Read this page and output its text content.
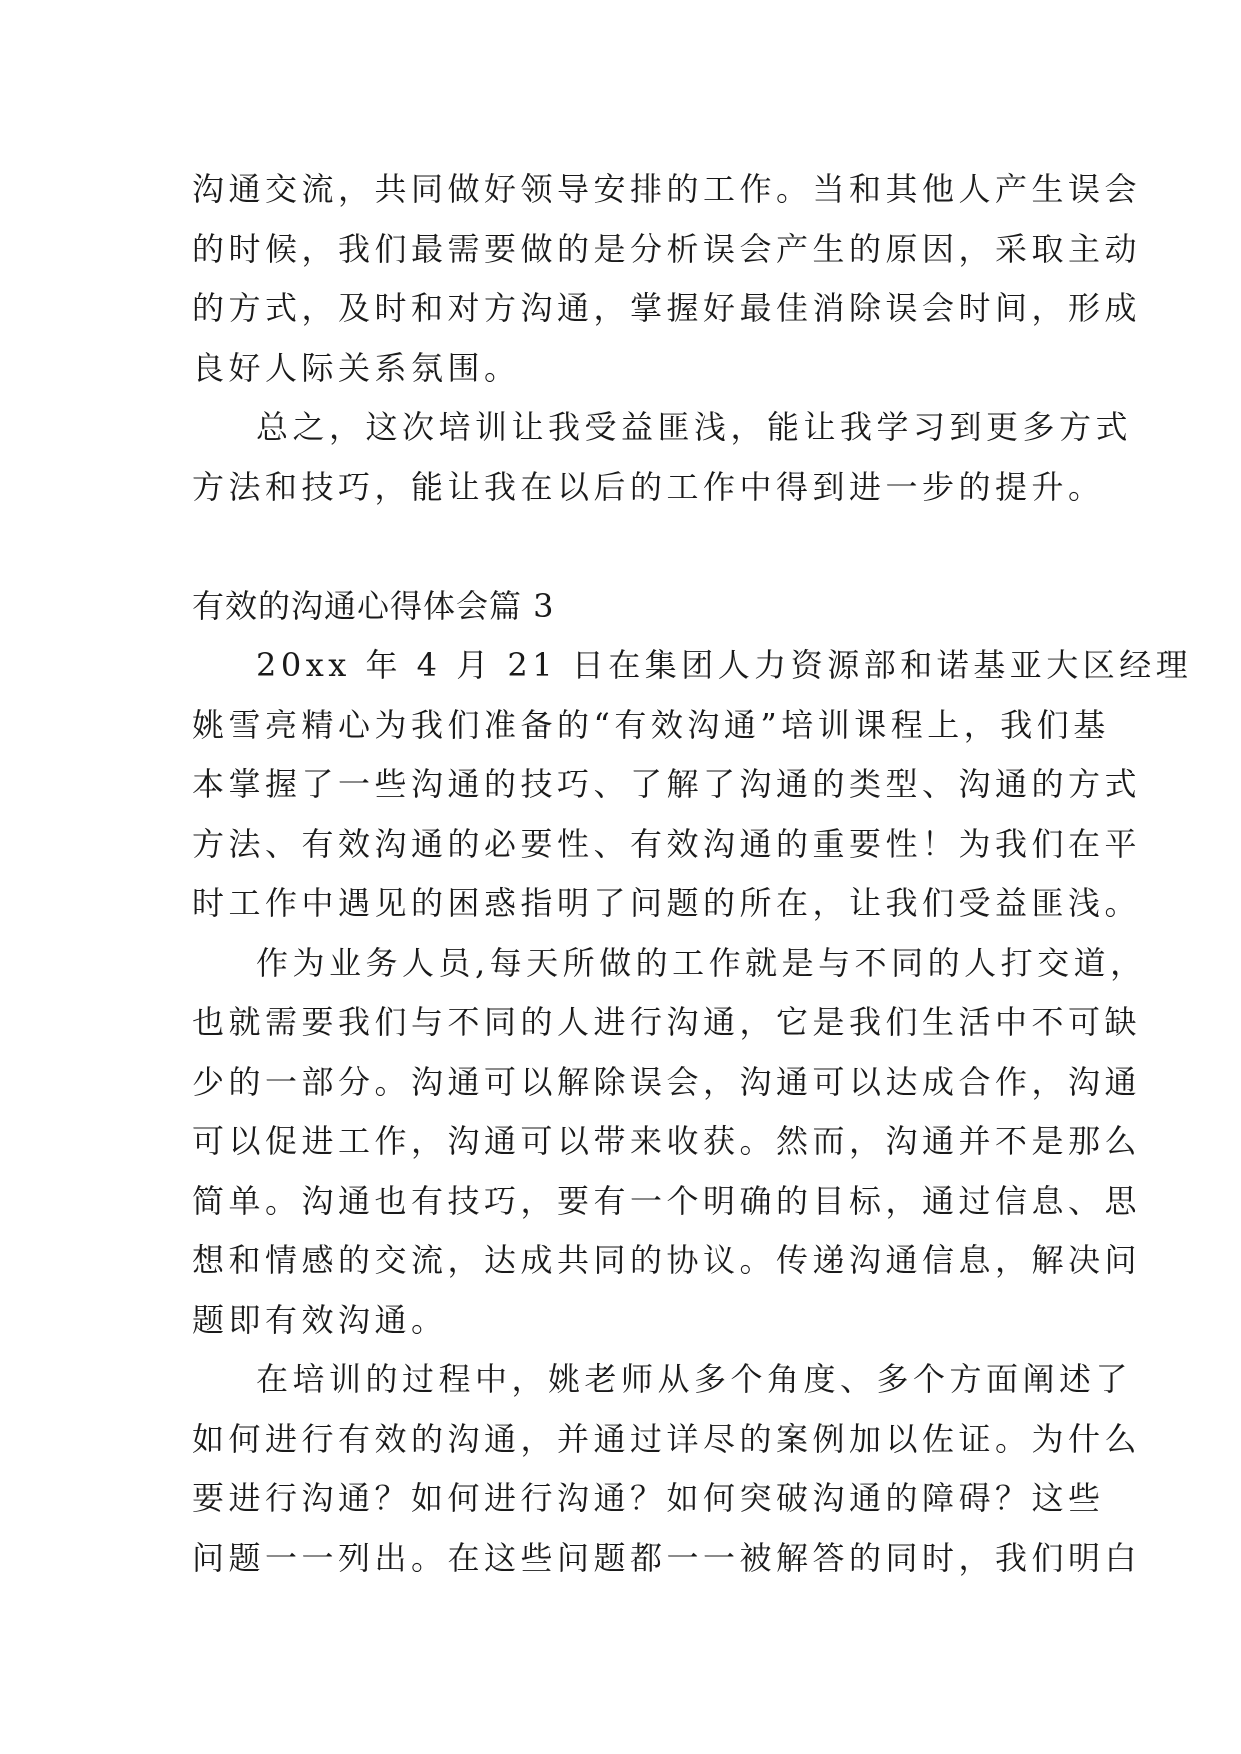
沟通交流，共同做好领导安排的工作。当和其他人产生误会
的时候，我们最需要做的是分析误会产生的原因，采取主动
的方式，及时和对方沟通，掌握好最佳消除误会时间，形成
良好人际关系氛围。
总之，这次培训让我受益匪浅，能让我学习到更多方式
方法和技巧，能让我在以后的工作中得到进一步的提升。
有效的沟通心得体会篇 3
20xx 年 4 月 21 日在集团人力资源部和诺基亚大区经理
姚雪亮精心为我们准备的“有效沟通”培训课程上，我们基
本掌握了一些沟通的技巧、了解了沟通的类型、沟通的方式
方法、有效沟通的必要性、有效沟通的重要性！为我们在平
时工作中遇见的困惑指明了问题的所在，让我们受益匪浅。
作为业务人员,每天所做的工作就是与不同的人打交道，
也就需要我们与不同的人进行沟通，它是我们生活中不可缺
少的一部分。沟通可以解除误会，沟通可以达成合作，沟通
可以促进工作，沟通可以带来收获。然而，沟通并不是那么
简单。沟通也有技巧，要有一个明确的目标，通过信息、思
想和情感的交流，达成共同的协议。传递沟通信息，解决问
题即有效沟通。
在培训的过程中，姚老师从多个角度、多个方面阐述了
如何进行有效的沟通，并通过详尽的案例加以佐证。为什么
要进行沟通？如何进行沟通？如何突破沟通的障碍？这些
问题一一列出。在这些问题都一一被解答的同时，我们明白
